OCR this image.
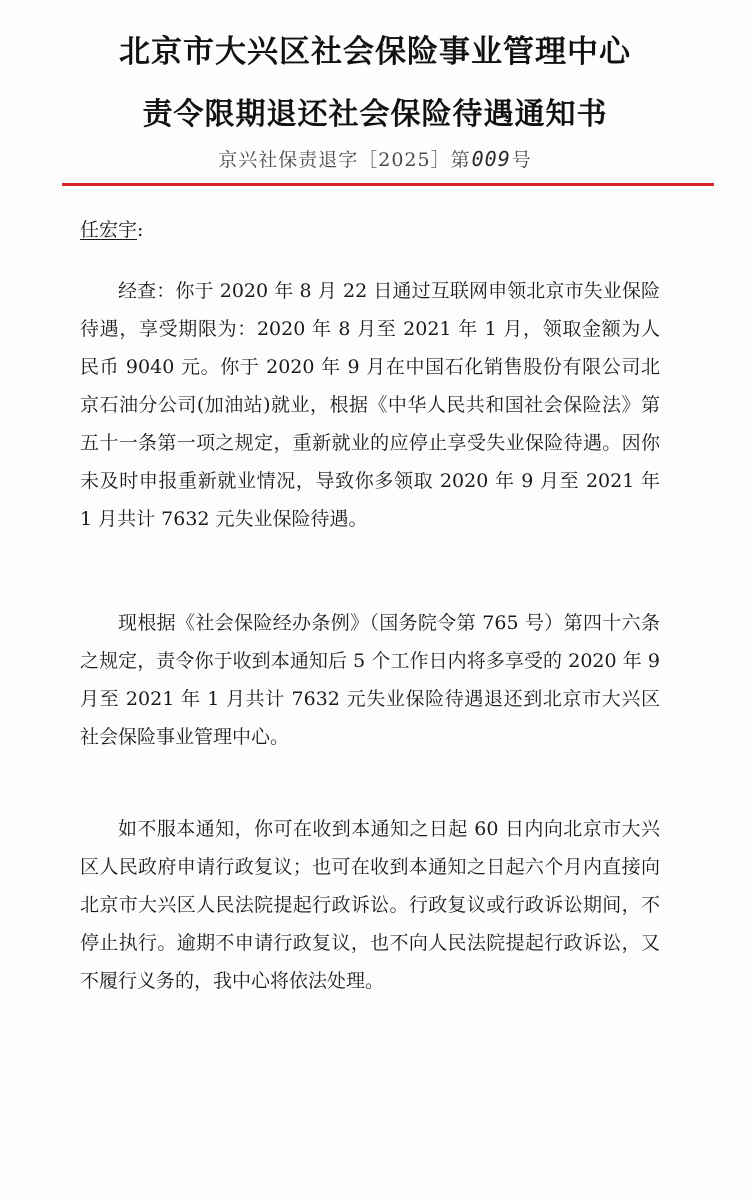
北京市大兴区社会保险事业管理中心
责令限期退还社会保险待遇通知书
京兴社保责退字［2025］第009号
任宏宇:

经查：你于 2020 年 8 月 22 日通过互联网申领北京市失业保险待遇，享受期限为：2020 年 8 月至 2021 年 1 月，领取金额为人民币 9040 元。你于 2020 年 9 月在中国石化销售股份有限公司北京石油分公司(加油站)就业，根据《中华人民共和国社会保险法》第五十一条第一项之规定，重新就业的应停止享受失业保险待遇。因你未及时申报重新就业情况，导致你多领取 2020 年 9 月至 2021 年 1 月共计 7632 元失业保险待遇。

现根据《社会保险经办条例》（国务院令第 765 号）第四十六条之规定，责令你于收到本通知后 5 个工作日内将多享受的 2020 年 9 月至 2021 年 1 月共计 7632 元失业保险待遇退还到北京市大兴区社会保险事业管理中心。

如不服本通知，你可在收到本通知之日起 60 日内向北京市大兴区人民政府申请行政复议；也可在收到本通知之日起六个月内直接向北京市大兴区人民法院提起行政诉讼。行政复议或行政诉讼期间，不停止执行。逾期不申请行政复议，也不向人民法院提起行政诉讼，又不履行义务的，我中心将依法处理。
